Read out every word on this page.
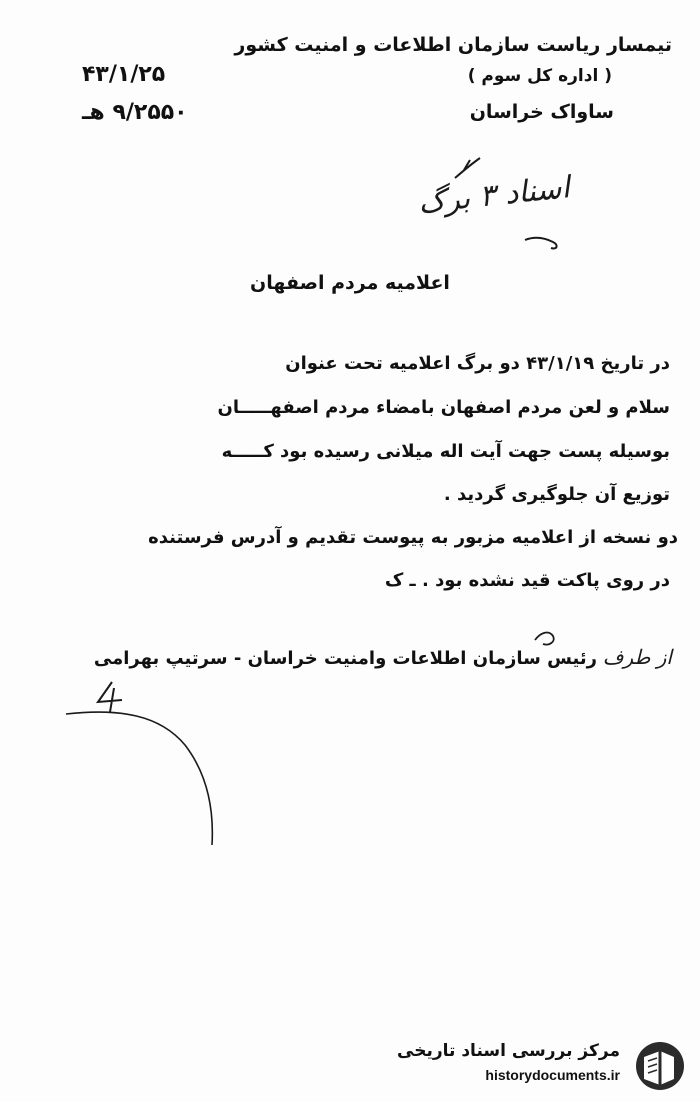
تیمسار ریاست سازمان اطلاعات و امنیت کشور
( اداره کل سوم )
ساواک خراسان
۴۳/۱/۲۵
۹/۲۵۵۰ هـ
اسناد ۳ برگ
اعلامیه مردم اصفهان
در تاریخ ۴۳/۱/۱۹ دو برگ اعلامیه تحت عنوان
سلام و لعن مردم اصفهان بامضاء مردم اصفهـــــان
بوسیله پست جهت آیت اله میلانی رسیده بود کـــــه
توزیع آن جلوگیری گردید .
دو نسخه از اعلامیه مزبور به پیوست تقدیم و آدرس فرستنده
در روی پاکت قید نشده بود . ـ ک
از طرف رئیس سازمان اطلاعات وامنیت خراسان - سرتیپ بهرامی
مرکز بررسی اسناد تاریخی
historydocuments.ir
